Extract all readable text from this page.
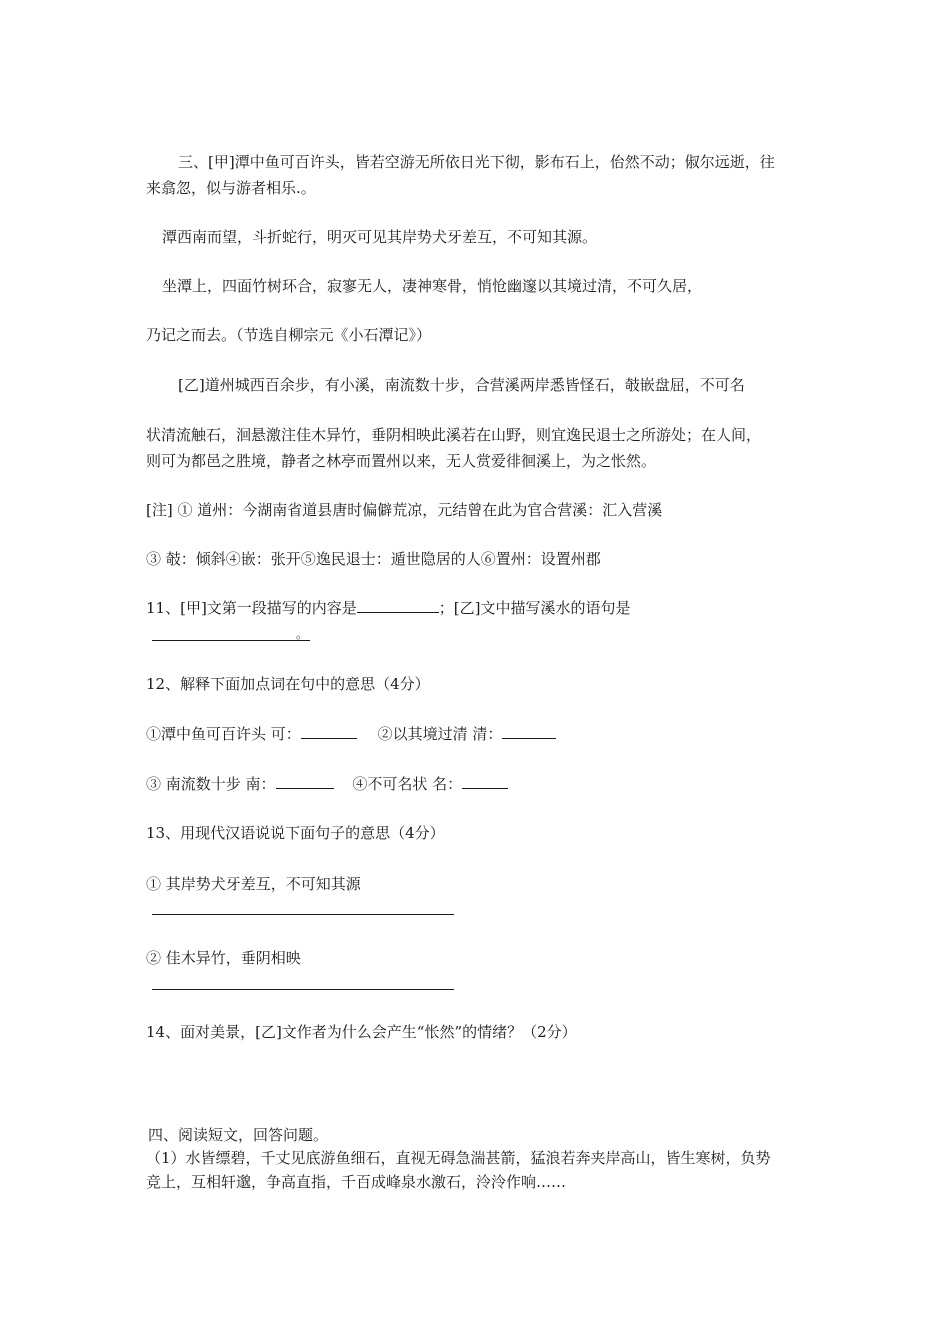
三、[甲]潭中鱼可百许头，皆若空游无所依日光下彻，影布石上，佁然不动；俶尔远逝，往

来翕忽，似与游者相乐.。

潭西南而望，斗折蛇行，明灭可见其岸势犬牙差互，不可知其源。

坐潭上，四面竹树环合，寂寥无人，凄神寒骨，悄怆幽邃以其境过清，不可久居，

乃记之而去。（节选自柳宗元《小石潭记》）

[乙]道州城西百余步，有小溪，南流数十步，合营溪两岸悉皆怪石，攲嵌盘屈，不可名

状清流触石，洄悬激注佳木异竹，垂阴相映此溪若在山野，则宜逸民退士之所游处；在人间，

则可为都邑之胜境，静者之林亭而置州以来，无人赏爱徘徊溪上，为之怅然。

[注] ① 道州：今湖南省道县唐时偏僻荒凉，元结曾在此为官合营溪：汇入营溪

③ 攲：倾斜④嵌：张开⑤逸民退士：遁世隐居的人⑥置州：设置州郡

11、[甲]文第一段描写的内容是	；[乙]文中描写溪水的语句是

。

12、解释下面加点词在句中的意思（4分）

①潭中鱼可百许头 可：	②以其境过清 清：

③ 南流数十步 南：	④不可名状 名：

13、用现代汉语说说下面句子的意思（4分）

① 其岸势犬牙差互，不可知其源

② 佳木异竹，垂阴相映

14、面对美景，[乙]文作者为什么会产生“怅然”的情绪？（2分）

四、阅读短文，回答问题。

（1）水皆缥碧，千丈见底游鱼细石，直视无碍急湍甚箭，猛浪若奔夹岸高山，皆生寒树，负势

竞上，互相轩邈，争高直指，千百成峰泉水激石，泠泠作响……
